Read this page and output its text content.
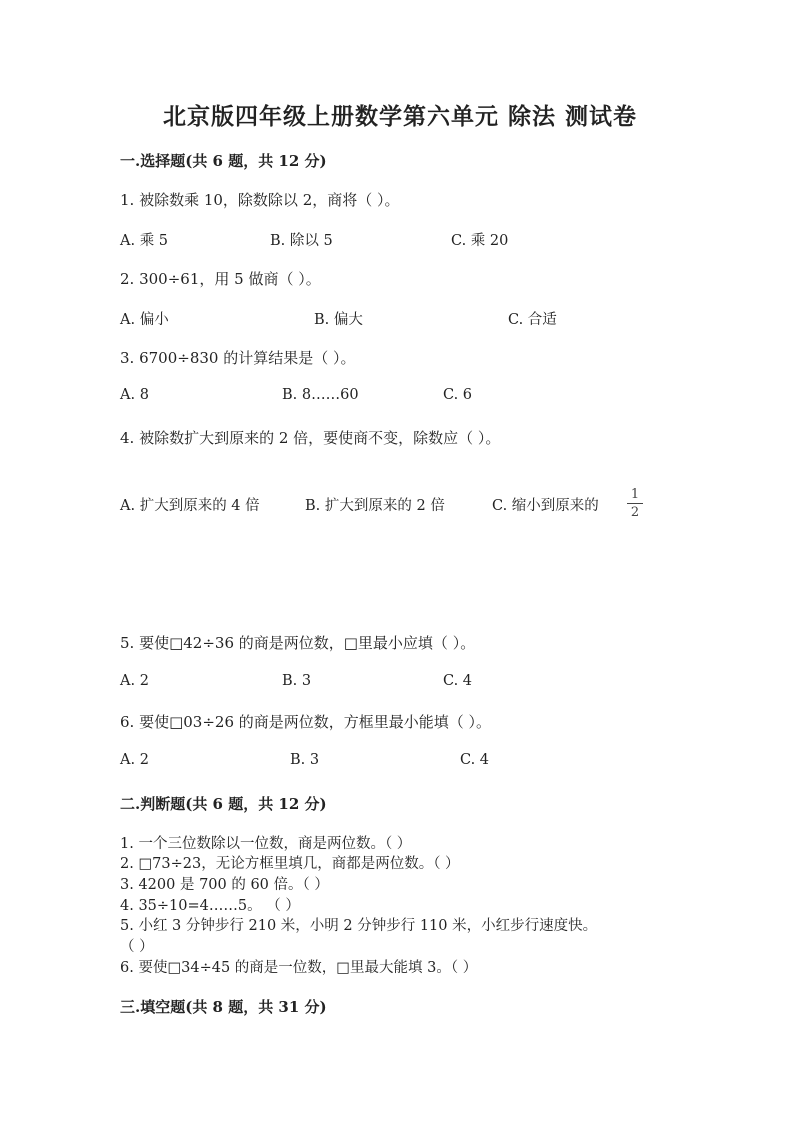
北京版四年级上册数学第六单元 除法 测试卷
一.选择题(共 6 题，共 12 分)
1. 被除数乘 10，除数除以 2，商将（ ）。
A. 乘 5	B. 除以 5	C. 乘 20
2. 300÷61，用 5 做商（ ）。
A. 偏小	B. 偏大	C. 合适
3. 6700÷830 的计算结果是（ ）。
A. 8	B. 8……60	C. 6
4. 被除数扩大到原来的 2 倍，要使商不变，除数应（ ）。
A. 扩大到原来的 4 倍	B. 扩大到原来的 2 倍	C. 缩小到原来的
1
2
5. 要使□42÷36 的商是两位数，□里最小应填（ ）。
A. 2	B. 3	C. 4
6. 要使□03÷26 的商是两位数，方框里最小能填（ ）。
A. 2	B. 3	C. 4
二.判断题(共 6 题，共 12 分)
1. 一个三位数除以一位数，商是两位数。（ ）
2. □73÷23，无论方框里填几，商都是两位数。（ ）
3. 4200 是 700 的 60 倍。（ ）
4. 35÷10=4……5。 （ ）
5. 小红 3 分钟步行 210 米，小明 2 分钟步行 110 米，小红步行速度快。
（ ）
6. 要使□34÷45 的商是一位数，□里最大能填 3。（ ）
三.填空题(共 8 题，共 31 分)
